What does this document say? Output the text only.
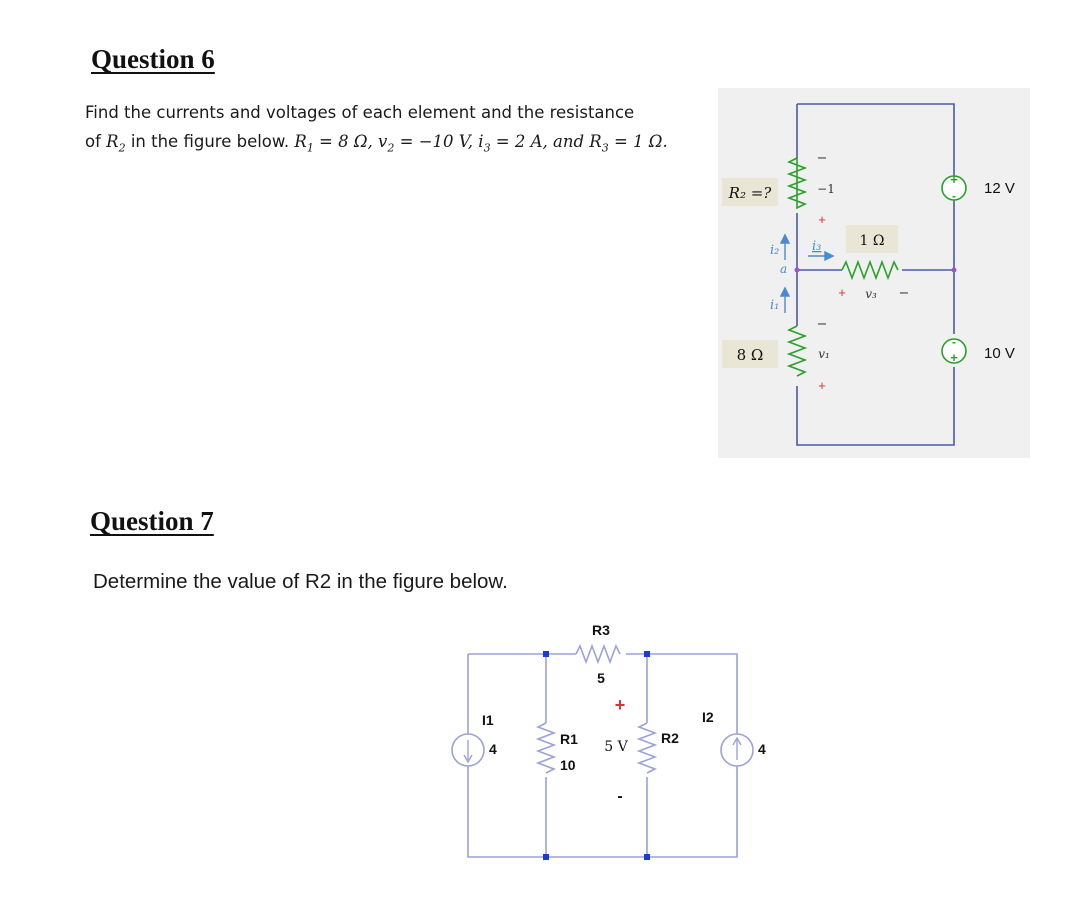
Question 6
Find the currents and voltages of each element and the resistance
of $R_2$ in the figure below. $R_1 = 8$ Ω, $v_2 = -10$ V, $i_3 = 2$ A, and $R_3 = 1$ Ω.
+
-
-
+
12 V
10 V
R₂ =?
−
−1
+
1 Ω
i₂	i₃
a
i₁
+ v₃ −
−
8 Ω	v₁
+
Question 7
Determine the value of R2 in the figure below.
R3
5
I1
4
R1
10
+
5 V
-
R2
I2
4
